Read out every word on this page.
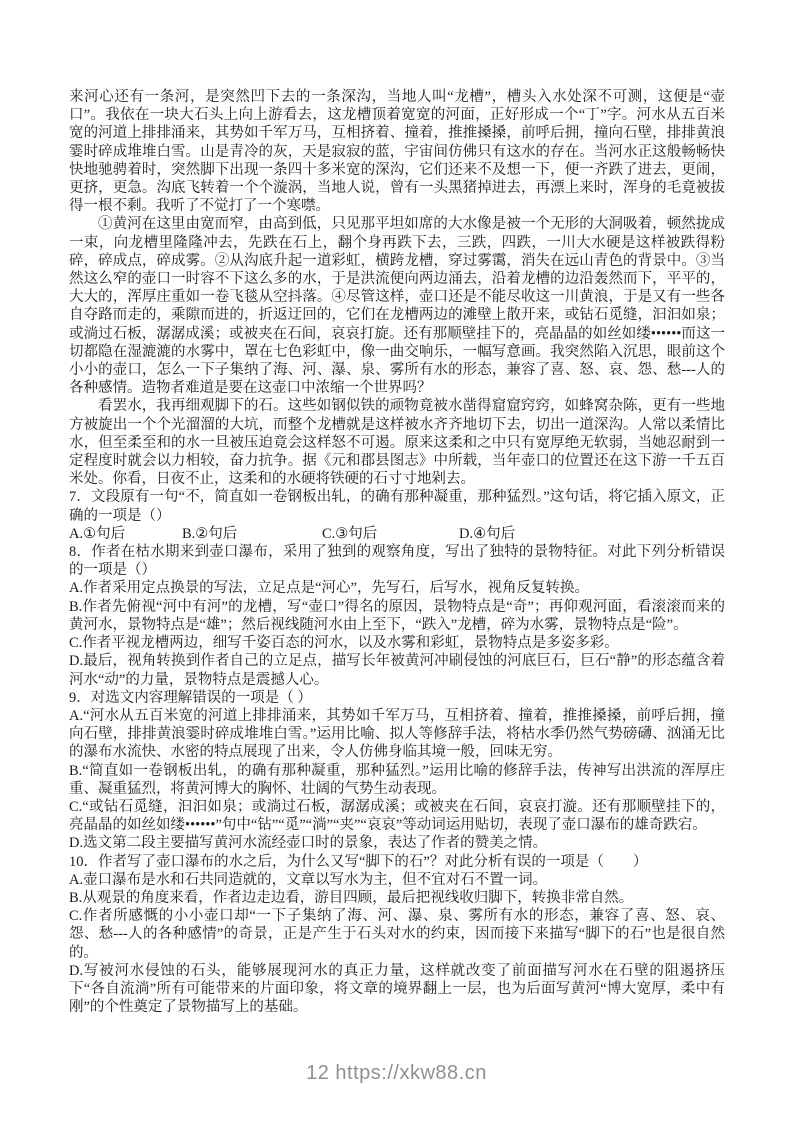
来河心还有一条河，是突然凹下去的一条深沟，当地人叫“龙槽”，槽头入水处深不可测，这便是“壶口”。我依在一块大石头上向上游看去，这龙槽顶着宽宽的河面，正好形成一个“丁”字。河水从五百米宽的河道上排排涌来，其势如千军万马，互相挤着、撞着，推推搡搡，前呼后拥，撞向石壁，排排黄浪霎时碎成堆堆白雪。山是青冷的灰，天是寂寂的蓝，宇宙间仿佛只有这水的存在。当河水正这般畅畅快快地驰骋着时，突然脚下出现一条四十多米宽的深沟，它们还来不及想一下，便一齐跌了进去，更闹，更挤，更急。沟底飞转着一个个漩涡，当地人说，曾有一头黑猪掉进去，再漂上来时，浑身的毛竟被拔得一根不剩。我听了不觉打了一个寒噤。

①黄河在这里由宽而窄，由高到低，只见那平坦如席的大水像是被一个无形的大洞吸着，顿然拢成一束，向龙槽里隆隆冲去，先跌在石上，翻个身再跌下去，三跌，四跌，一川大水硬是这样被跌得粉碎，碎成点，碎成雾。②从沟底升起一道彩虹，横跨龙槽，穿过雾霭，消失在远山青色的背景中。③当然这么窄的壶口一时容不下这么多的水，于是洪流便向两边涌去，沿着龙槽的边沿轰然而下，平平的，大大的，浑厚庄重如一卷飞毯从空抖落。④尽管这样，壶口还是不能尽收这一川黄浪，于是又有一些各自夺路而走的，乘隙而进的，折返迂回的，它们在龙槽两边的滩壁上散开来，或钻石觅缝，汩汩如泉；或淌过石板，潺潺成溪；或被夹在石间，哀哀打旋。还有那顺壁挂下的，亮晶晶的如丝如缕••••••而这一切都隐在湿漉漉的水雾中，罩在七色彩虹中，像一曲交响乐，一幅写意画。我突然陷入沉思，眼前这个小小的壶口，怎么一下子集纳了海、河、瀑、泉、雾所有水的形态，兼容了喜、怒、哀、怨、愁---人的各种感情。造物者难道是要在这壶口中浓缩一个世界吗？

看罢水，我再细观脚下的石。这些如钢似铁的顽物竟被水凿得窟窟窍窍，如蜂窝杂陈，更有一些地方被旋出一个个光溜溜的大坑，而整个龙槽就是这样被水齐齐地切下去，切出一道深沟。人常以柔情比水，但至柔至和的水一旦被压迫竟会这样怒不可遏。原来这柔和之中只有宽厚绝无软弱，当她忍耐到一定程度时就会以力相较，奋力抗争。据《元和郡县图志》中所载，当年壶口的位置还在这下游一千五百米处。你看，日夜不止，这柔和的水硬将铁硬的石寸寸地剁去。

7．文段原有一句“不，简直如一卷钢板出轧，的确有那种凝重，那种猛烈。”这句话，将它插入原文，正确的一项是（）

A.①句后	B.②句后	C.③句后	D.④句后

8．作者在枯水期来到壶口瀑布，采用了独到的观察角度，写出了独特的景物特征。对此下列分析错误的一项是（）

A.作者采用定点换景的写法，立足点是“河心”，先写石，后写水，视角反复转换。

B.作者先俯视“河中有河”的龙槽，写“壶口”得名的原因，景物特点是“奇”；再仰观河面，看滚滚而来的黄河水，景物特点是“雄”；然后视线随河水由上至下，“跌入”龙槽，碎为水雾，景物特点是“险”。

C.作者平视龙槽两边，细写千姿百态的河水，以及水雾和彩虹，景物特点是多姿多彩。

D.最后，视角转换到作者自己的立足点，描写长年被黄河冲刷侵蚀的河底巨石，巨石“静”的形态蕴含着河水“动”的力量，景物特点是震撼人心。

9．对选文内容理解错误的一项是（ ）

A.“河水从五百米宽的河道上排排涌来，其势如千军万马，互相挤着、撞着，推推搡搡，前呼后拥，撞向石壁，排排黄浪霎时碎成堆堆白雪。”运用比喻、拟人等修辞手法，将枯水季仍然气势磅礴、汹涌无比的瀑布水流快、水密的特点展现了出来，令人仿佛身临其境一般，回味无穷。

B.“简直如一卷钢板出轧，的确有那种凝重，那种猛烈。”运用比喻的修辞手法，传神写出洪流的浑厚庄重、凝重猛烈，将黄河博大的胸怀、壮阔的气势生动表现。

C.“或钻石觅缝，汩汩如泉；或淌过石板，潺潺成溪；或被夹在石间，哀哀打漩。还有那顺壁挂下的，亮晶晶的如丝如缕••••••”句中“钻”“觅”“淌”“夹”“哀哀”等动词运用贴切，表现了壶口瀑布的雄奇跌宕。

D.选文第二段主要描写黄河水流经壶口时的景象，表达了作者的赞美之情。

10．作者写了壶口瀑布的水之后，为什么又写“脚下的石”？对此分析有误的一项是（　　）

A.壶口瀑布是水和石共同造就的，文章以写水为主，但不宜对石不置一词。

B.从观景的角度来看，作者边走边看，游目四顾，最后把视线收归脚下，转换非常自然。

C.作者所感慨的小小壶口却“一下子集纳了海、河、瀑、泉、雾所有水的形态，兼容了喜、怒、哀、怨、愁---人的各种感情”的奇景，正是产生于石头对水的约束，因而接下来描写“脚下的石”也是很自然的。

D.写被河水侵蚀的石头，能够展现河水的真正力量，这样就改变了前面描写河水在石壁的阻遏挤压下“各自流淌”所有可能带来的片面印象，将文章的境界翻上一层，也为后面写黄河“博大宽厚，柔中有刚”的个性奠定了景物描写上的基础。

12 https://xkw88.cn
